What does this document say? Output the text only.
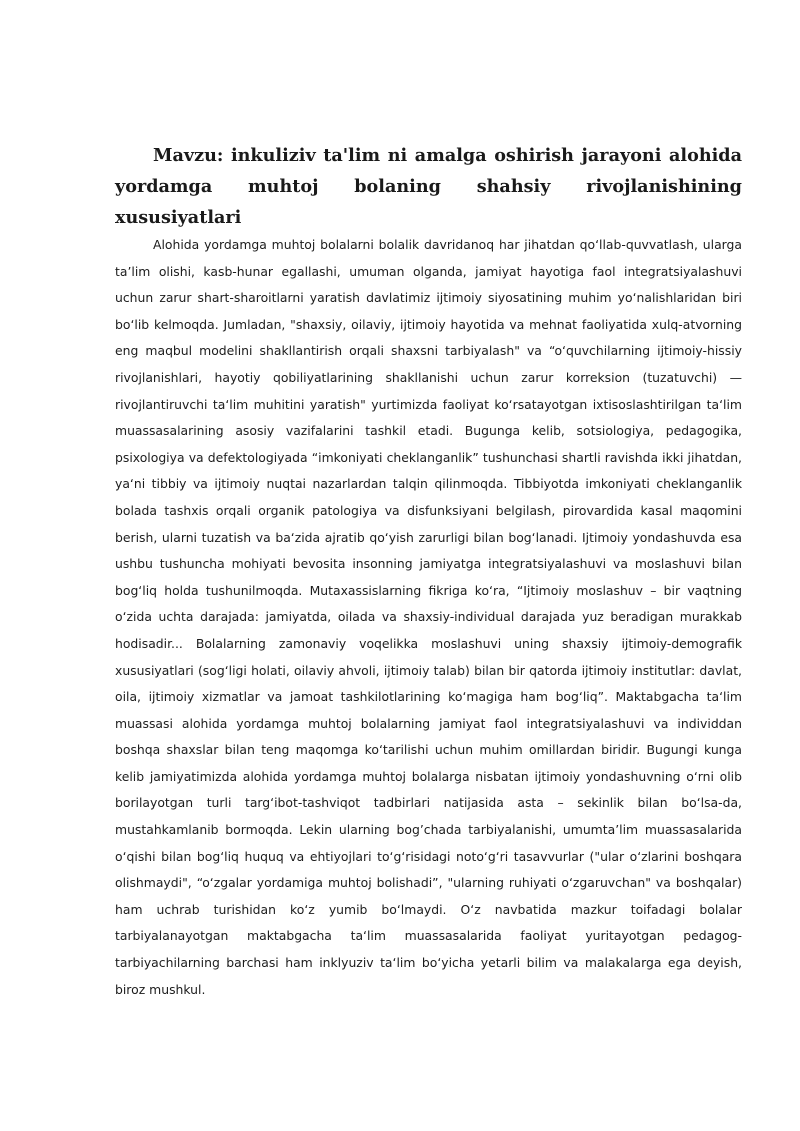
Mavzu: inkuliziv ta'lim ni amalga oshirish jarayoni alohida yordamga muhtoj bolaning shahsiy rivojlanishining xususiyatlari

Alohida yordamga muhtoj bolalarni bolalik davridanoq har jihatdan qo‘llab-quvvatlash, ularga ta’lim olishi, kasb-hunar egallashi, umuman olganda, jamiyat hayotiga faol integratsiyalashuvi uchun zarur shart-sharoitlarni yaratish davlatimiz ijtimoiy siyosatining muhim yo‘nalishlaridan biri bo‘lib kelmoqda. Jumladan, "shaxsiy, oilaviy, ijtimoiy hayotida va mehnat faoliyatida xulq-atvorning eng maqbul modelini shakllantirish orqali shaxsni tarbiyalash" va “o‘quvchilarning ijtimoiy-hissiy rivojlanishlari, hayotiy qobiliyatlarining shakllanishi uchun zarur korreksion (tuzatuvchi) — rivojlantiruvchi ta‘lim muhitini yaratish" yurtimizda faoliyat ko‘rsatayotgan ixtisoslashtirilgan ta‘lim muassasalarining asosiy vazifalarini tashkil etadi. Bugunga kelib, sotsiologiya, pedagogika, psixologiya va defektologiyada “imkoniyati cheklanganlik” tushunchasi shartli ravishda ikki jihatdan, ya‘ni tibbiy va ijtimoiy nuqtai nazarlardan talqin qilinmoqda. Tibbiyotda imkoniyati cheklanganlik bolada tashxis orqali organik patologiya va disfunksiyani belgilash, pirovardida kasal maqomini berish, ularni tuzatish va ba‘zida ajratib qo‘yish zarurligi bilan bog‘lanadi. Ijtimoiy yondashuvda esa ushbu tushuncha mohiyati bevosita insonning jamiyatga integratsiyalashuvi va moslashuvi bilan bog‘liq holda tushunilmoqda. Mutaxassislarning fikriga ko‘ra, “Ijtimoiy moslashuv – bir vaqtning o‘zida uchta darajada: jamiyatda, oilada va shaxsiy-individual darajada yuz beradigan murakkab hodisadir... Bolalarning zamonaviy voqelikka moslashuvi uning shaxsiy ijtimoiy-demografik xususiyatlari (sog‘ligi holati, oilaviy ahvoli, ijtimoiy talab) bilan bir qatorda ijtimoiy institutlar: davlat, oila, ijtimoiy xizmatlar va jamoat tashkilotlarining ko‘magiga ham bog‘liq”. Maktabgacha ta‘lim muassasi alohida yordamga muhtoj bolalarning jamiyat faol integratsiyalashuvi va individdan boshqa shaxslar bilan teng maqomga ko‘tarilishi uchun muhim omillardan biridir. Bugungi kunga kelib jamiyatimizda alohida yordamga muhtoj bolalarga nisbatan ijtimoiy yondashuvning o‘rni olib borilayotgan turli targ‘ibot-tashviqot tadbirlari natijasida asta – sekinlik bilan bo‘lsa-da, mustahkamlanib bormoqda. Lekin ularning bog’chada tarbiyalanishi, umumta’lim muassasalarida o‘qishi bilan bog‘liq huquq va ehtiyojlari to‘g‘risidagi noto‘g‘ri tasavvurlar ("ular o‘zlarini boshqara olishmaydi", “o‘zgalar yordamiga muhtoj bolishadi”, "ularning ruhiyati o‘zgaruvchan" va boshqalar) ham uchrab turishidan ko‘z yumib bo‘lmaydi. O‘z navbatida mazkur toifadagi bolalar tarbiyalanayotgan maktabgacha ta‘lim muassasalarida faoliyat yuritayotgan pedagog-tarbiyachilarning barchasi ham inklyuziv ta‘lim bo‘yicha yetarli bilim va malakalarga ega deyish, biroz mushkul.
